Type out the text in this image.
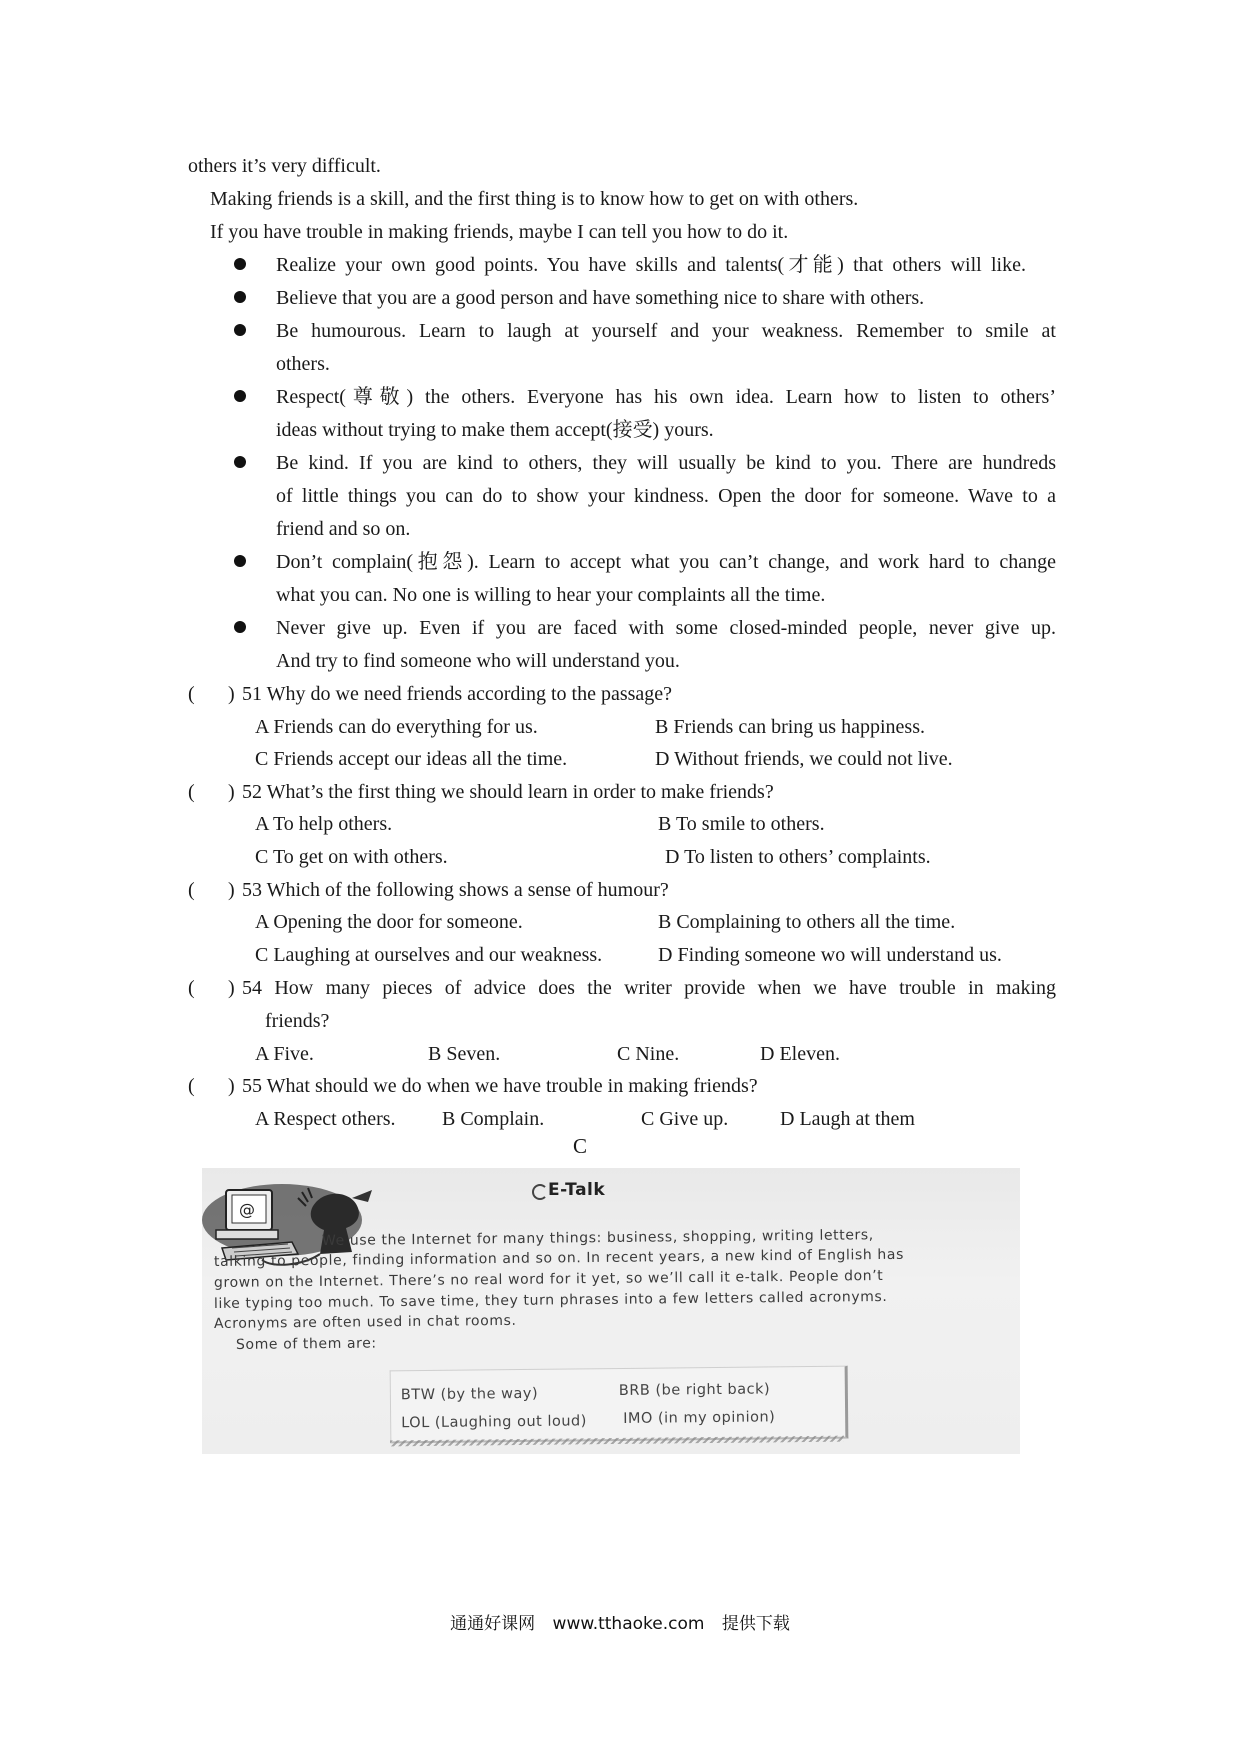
others it’s very difficult.
Making friends is a skill, and the first thing is to know how to get on with others.
If you have trouble in making friends, maybe I can tell you how to do it.
Realize your own good points. You have skills and talents(才能) that others will like.
Believe that you are a good person and have something nice to share with others.
Be humourous. Learn to laugh at yourself and your weakness. Remember to smile at
others.
Respect(尊敬) the others. Everyone has his own idea. Learn how to listen to others’
ideas without trying to make them accept(接受) yours.
Be kind. If you are kind to others, they will usually be kind to you. There are hundreds
of little things you can do to show your kindness. Open the door for someone. Wave to a
friend and so on.
Don’t complain(抱怨). Learn to accept what you can’t change, and work hard to change
what you can. No one is willing to hear your complaints all the time.
Never give up. Even if you are faced with some closed-minded people, never give up.
And try to find someone who will understand you.
( ) 51 Why do we need friends according to the passage?
A Friends can do everything for us.	B Friends can bring us happiness.
C Friends accept our ideas all the time.	D Without friends, we could not live.
( ) 52 What’s the first thing we should learn in order to make friends?
A To help others.	B To smile to others.
C To get on with others.	D To listen to others’ complaints.
( ) 53 Which of the following shows a sense of humour?
A Opening the door for someone.	B Complaining to others all the time.
C Laughing at ourselves and our weakness.	D Finding someone wo will understand us.
( ) 54 How many pieces of advice does the writer provide when we have trouble in making
friends?
A Five.	B Seven.	C Nine.	D Eleven.
( ) 55 What should we do when we have trouble in making friends?
A Respect others. B Complain.	C Give up.	D Laugh at them
C
@
E-Talk
We use the Internet for many things: business, shopping, writing letters,
talking to people, finding information and so on. In recent years, a new kind of English has
grown on the Internet. There’s no real word for it yet, so we’ll call it e-talk. People don’t
like typing too much. To save time, they turn phrases into a few letters called acronyms.
Acronyms are often used in chat rooms.
Some of them are:
BTW (by the way)	BRB (be right back)
LOL (Laughing out loud) IMO (in my opinion)
通通好课网 www.tthaoke.com 提供下载
